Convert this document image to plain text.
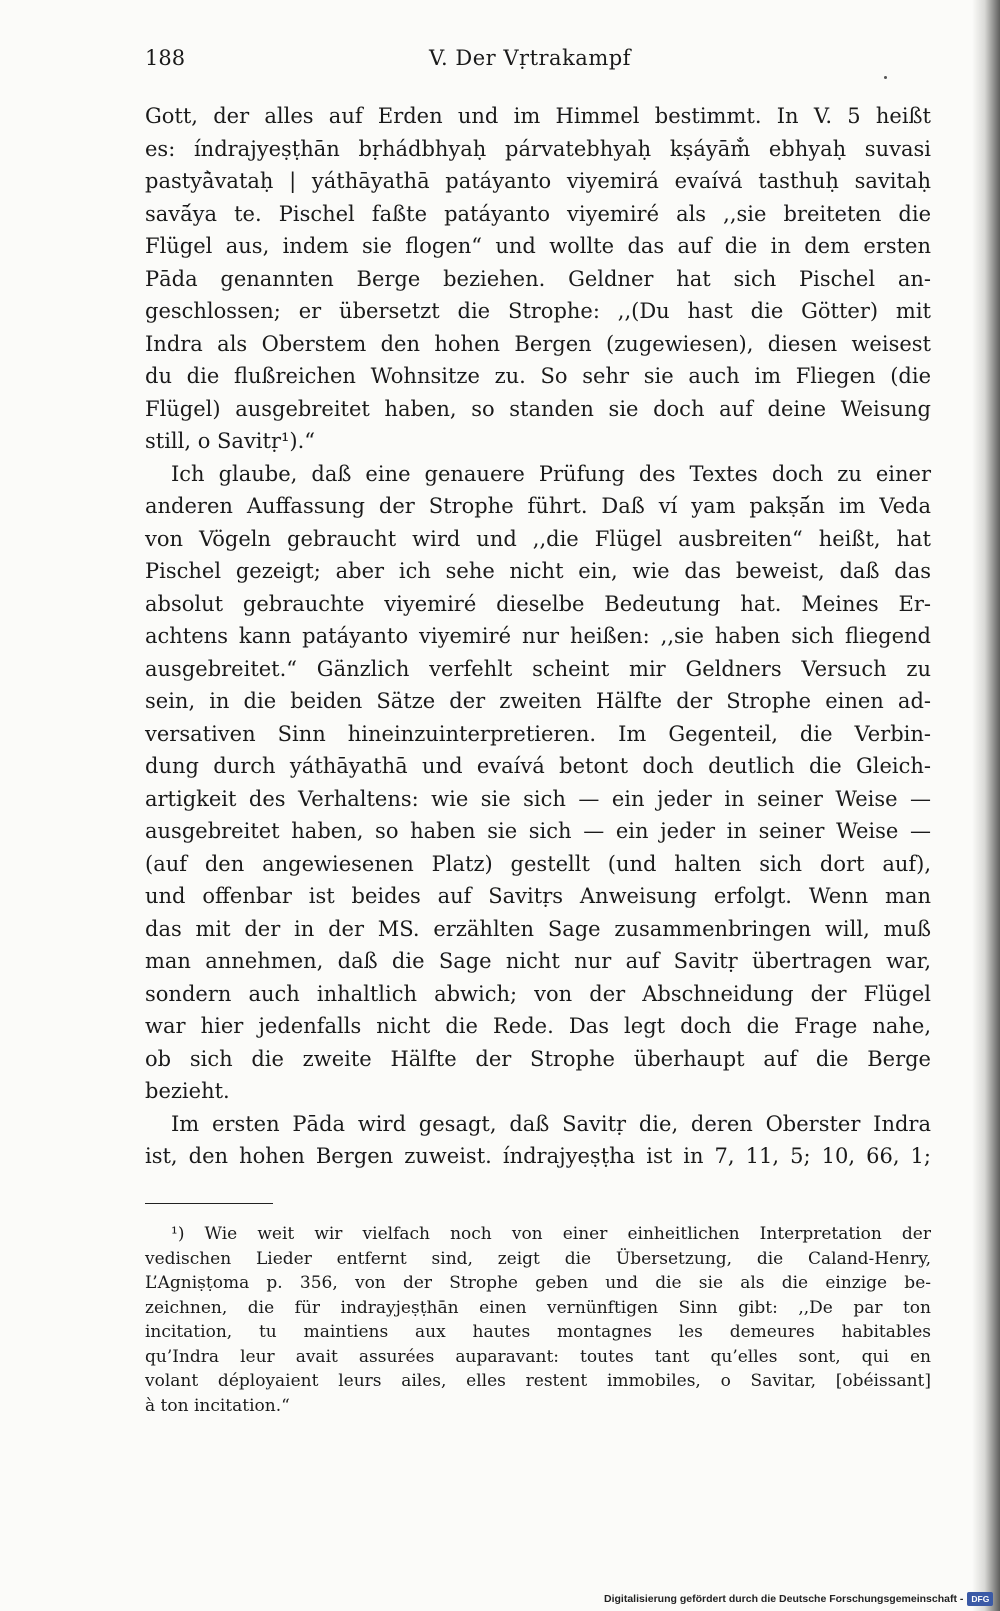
188	V. Der Vṛtrakampf
Gott, der alles auf Erden und im Himmel bestimmt. In V. 5 heißt
es: índrajyeṣṭhān bṛhádbhyaḥ párvatebhyaḥ kṣáyām̐ ebhyaḥ suvasi
pastyā̀vataḥ | yáthāyathā patáyanto viyemirá evaívá tasthuḥ savitaḥ
savā́ya te. Pischel faßte patáyanto viyemiré als ,,sie breiteten die
Flügel aus, indem sie flogen“ und wollte das auf die in dem ersten
Pāda genannten Berge beziehen. Geldner hat sich Pischel an-
geschlossen; er übersetzt die Strophe: ,,(Du hast die Götter) mit
Indra als Oberstem den hohen Bergen (zugewiesen), diesen weisest
du die flußreichen Wohnsitze zu. So sehr sie auch im Fliegen (die
Flügel) ausgebreitet haben, so standen sie doch auf deine Weisung
still, o Savitṛ¹).“
Ich glaube, daß eine genauere Prüfung des Textes doch zu einer
anderen Auffassung der Strophe führt. Daß ví yam pakṣā́n im Veda
von Vögeln gebraucht wird und ,,die Flügel ausbreiten“ heißt, hat
Pischel gezeigt; aber ich sehe nicht ein, wie das beweist, daß das
absolut gebrauchte viyemiré dieselbe Bedeutung hat. Meines Er-
achtens kann patáyanto viyemiré nur heißen: ,,sie haben sich fliegend
ausgebreitet.“ Gänzlich verfehlt scheint mir Geldners Versuch zu
sein, in die beiden Sätze der zweiten Hälfte der Strophe einen ad-
versativen Sinn hineinzuinterpretieren. Im Gegenteil, die Verbin-
dung durch yáthāyathā und evaívá betont doch deutlich die Gleich-
artigkeit des Verhaltens: wie sie sich — ein jeder in seiner Weise —
ausgebreitet haben, so haben sie sich — ein jeder in seiner Weise —
(auf den angewiesenen Platz) gestellt (und halten sich dort auf),
und offenbar ist beides auf Savitṛs Anweisung erfolgt. Wenn man
das mit der in der MS. erzählten Sage zusammenbringen will, muß
man annehmen, daß die Sage nicht nur auf Savitṛ übertragen war,
sondern auch inhaltlich abwich; von der Abschneidung der Flügel
war hier jedenfalls nicht die Rede. Das legt doch die Frage nahe,
ob sich die zweite Hälfte der Strophe überhaupt auf die Berge
bezieht.
Im ersten Pāda wird gesagt, daß Savitṛ die, deren Oberster Indra
ist, den hohen Bergen zuweist. índrajyeṣṭha ist in 7, 11, 5; 10, 66, 1;
¹) Wie weit wir vielfach noch von einer einheitlichen Interpretation der
vedischen Lieder entfernt sind, zeigt die Übersetzung, die Caland-Henry,
L’Agniṣṭoma p. 356, von der Strophe geben und die sie als die einzige be-
zeichnen, die für indrayjeṣṭhān einen vernünftigen Sinn gibt: ,,De par ton
incitation, tu maintiens aux hautes montagnes les demeures habitables
qu’Indra leur avait assurées auparavant: toutes tant qu’elles sont, qui en
volant déployaient leurs ailes, elles restent immobiles, o Savitar, [obéissant]
à ton incitation.“
Digitalisierung gefördert durch die Deutsche Forschungsgemeinschaft - DFG
